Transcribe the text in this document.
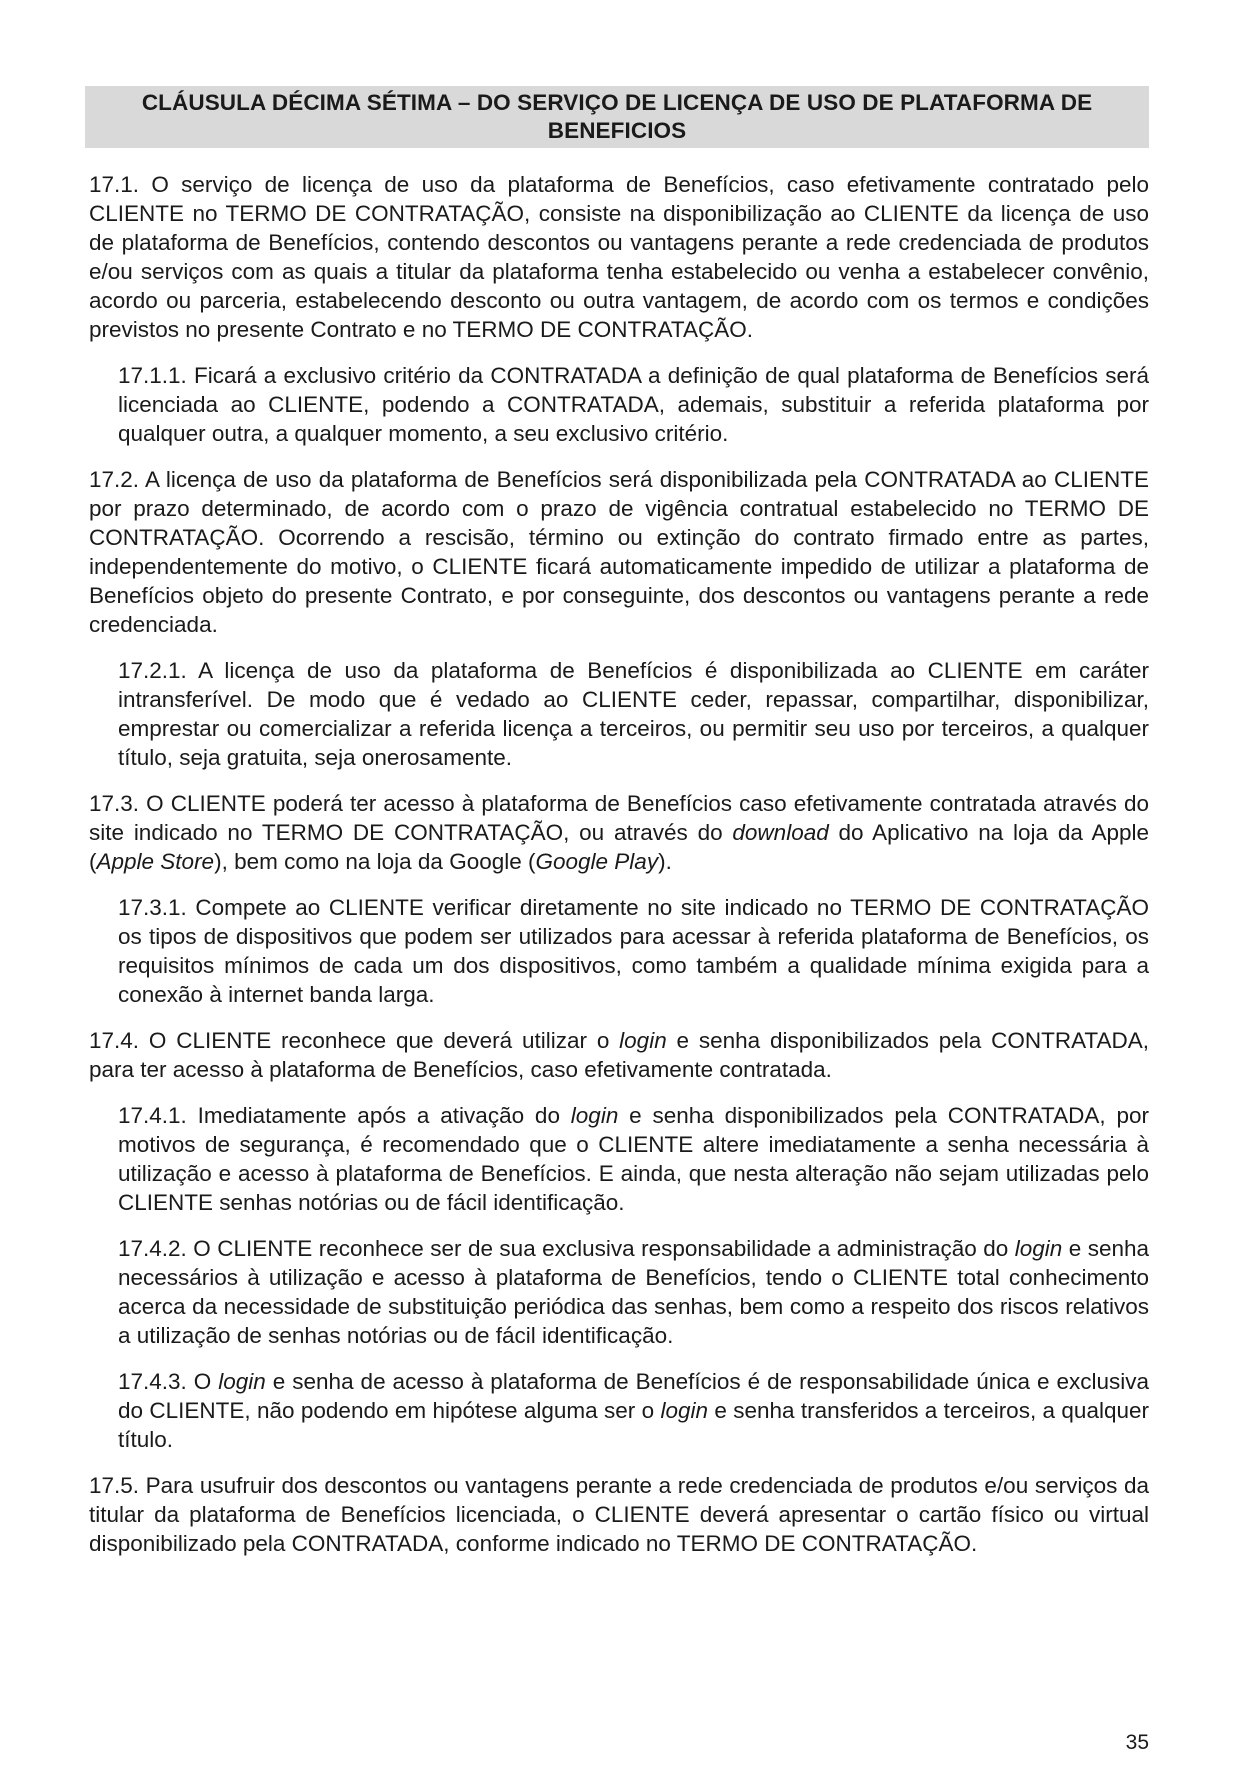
CLÁUSULA DÉCIMA SÉTIMA – DO SERVIÇO DE LICENÇA DE USO DE PLATAFORMA DE BENEFICIOS

17.1. O serviço de licença de uso da plataforma de Benefícios, caso efetivamente contratado pelo CLIENTE no TERMO DE CONTRATAÇÃO, consiste na disponibilização ao CLIENTE da licença de uso de plataforma de Benefícios, contendo descontos ou vantagens perante a rede credenciada de produtos e/ou serviços com as quais a titular da plataforma tenha estabelecido ou venha a estabelecer convênio, acordo ou parceria, estabelecendo desconto ou outra vantagem, de acordo com os termos e condições previstos no presente Contrato e no TERMO DE CONTRATAÇÃO.

17.1.1. Ficará a exclusivo critério da CONTRATADA a definição de qual plataforma de Benefícios será licenciada ao CLIENTE, podendo a CONTRATADA, ademais, substituir a referida plataforma por qualquer outra, a qualquer momento, a seu exclusivo critério.

17.2. A licença de uso da plataforma de Benefícios será disponibilizada pela CONTRATADA ao CLIENTE por prazo determinado, de acordo com o prazo de vigência contratual estabelecido no TERMO DE CONTRATAÇÃO. Ocorrendo a rescisão, término ou extinção do contrato firmado entre as partes, independentemente do motivo, o CLIENTE ficará automaticamente impedido de utilizar a plataforma de Benefícios objeto do presente Contrato, e por conseguinte, dos descontos ou vantagens perante a rede credenciada.

17.2.1. A licença de uso da plataforma de Benefícios é disponibilizada ao CLIENTE em caráter intransferível. De modo que é vedado ao CLIENTE ceder, repassar, compartilhar, disponibilizar, emprestar ou comercializar a referida licença a terceiros, ou permitir seu uso por terceiros, a qualquer título, seja gratuita, seja onerosamente.

17.3. O CLIENTE poderá ter acesso à plataforma de Benefícios caso efetivamente contratada através do site indicado no TERMO DE CONTRATAÇÃO, ou através do download do Aplicativo na loja da Apple (Apple Store), bem como na loja da Google (Google Play).

17.3.1. Compete ao CLIENTE verificar diretamente no site indicado no TERMO DE CONTRATAÇÃO os tipos de dispositivos que podem ser utilizados para acessar à referida plataforma de Benefícios, os requisitos mínimos de cada um dos dispositivos, como também a qualidade mínima exigida para a conexão à internet banda larga.

17.4. O CLIENTE reconhece que deverá utilizar o login e senha disponibilizados pela CONTRATADA, para ter acesso à plataforma de Benefícios, caso efetivamente contratada.

17.4.1. Imediatamente após a ativação do login e senha disponibilizados pela CONTRATADA, por motivos de segurança, é recomendado que o CLIENTE altere imediatamente a senha necessária à utilização e acesso à plataforma de Benefícios. E ainda, que nesta alteração não sejam utilizadas pelo CLIENTE senhas notórias ou de fácil identificação.

17.4.2. O CLIENTE reconhece ser de sua exclusiva responsabilidade a administração do login e senha necessários à utilização e acesso à plataforma de Benefícios, tendo o CLIENTE total conhecimento acerca da necessidade de substituição periódica das senhas, bem como a respeito dos riscos relativos a utilização de senhas notórias ou de fácil identificação.

17.4.3. O login e senha de acesso à plataforma de Benefícios é de responsabilidade única e exclusiva do CLIENTE, não podendo em hipótese alguma ser o login e senha transferidos a terceiros, a qualquer título.

17.5. Para usufruir dos descontos ou vantagens perante a rede credenciada de produtos e/ou serviços da titular da plataforma de Benefícios licenciada, o CLIENTE deverá apresentar o cartão físico ou virtual disponibilizado pela CONTRATADA, conforme indicado no TERMO DE CONTRATAÇÃO.

35
